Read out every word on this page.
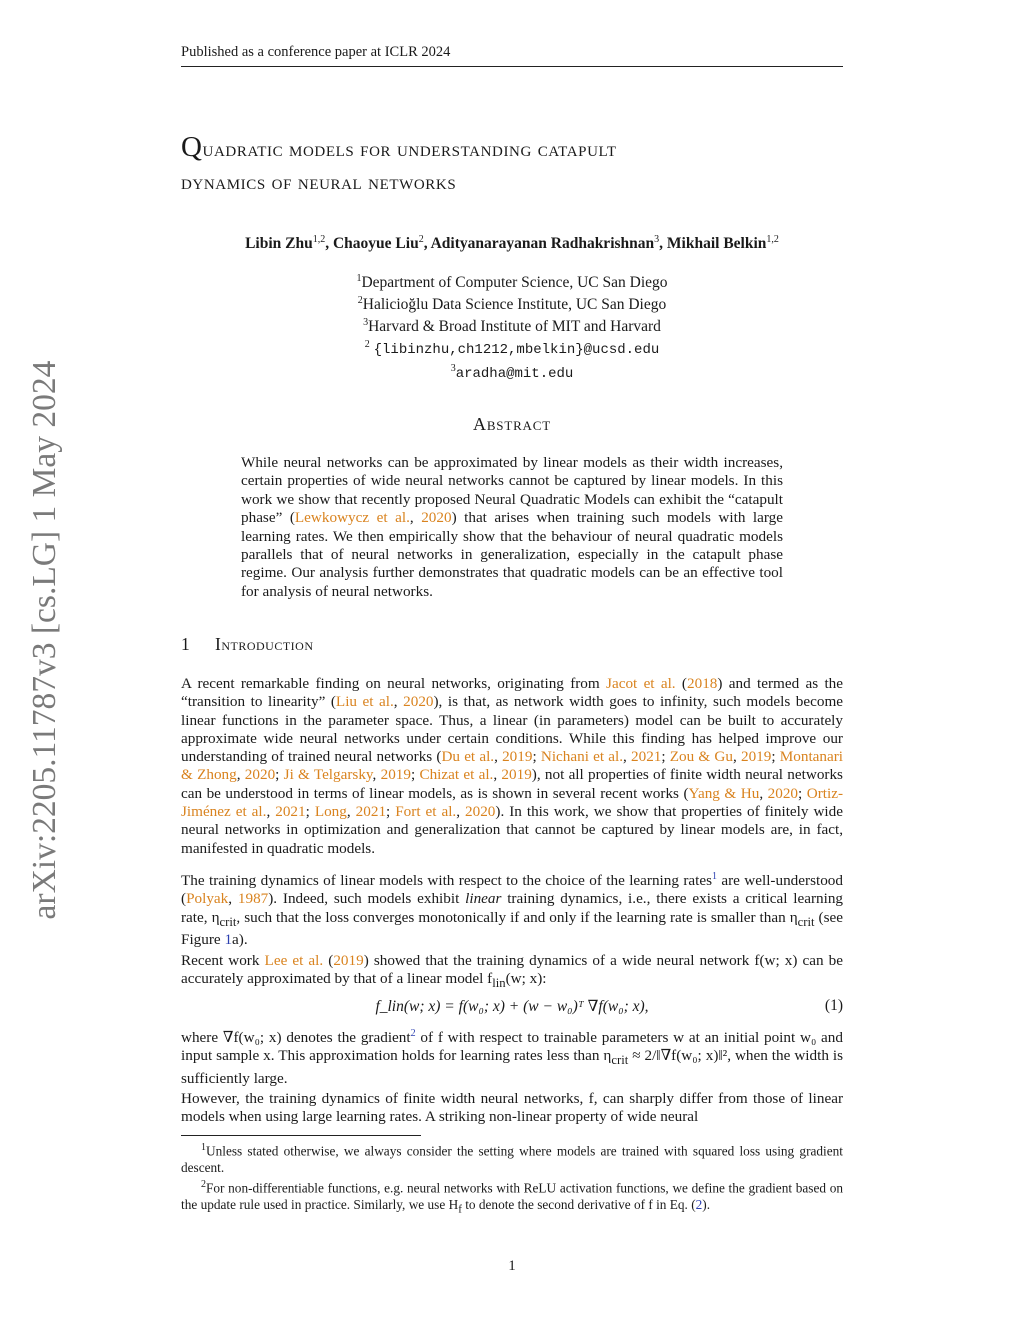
Published as a conference paper at ICLR 2024
arXiv:2205.11787v3 [cs.LG] 1 May 2024
Quadratic models for understanding catapult
dynamics of neural networks
Libin Zhu$^{1,2}$, Chaoyue Liu$^2$, Adityanarayanan Radhakrishnan$^3$, Mikhail Belkin$^{1,2}$
$^1$Department of Computer Science, UC San Diego
$^2$Halicioğlu Data Science Institute, UC San Diego
$^3$Harvard & Broad Institute of MIT and Harvard
$^2$ {libinzhu,ch1212,mbelkin}@ucsd.edu
$^3$aradha@mit.edu
Abstract

While neural networks can be approximated by linear models as their width increases, certain properties of wide neural networks cannot be captured by linear models. In this work we show that recently proposed Neural Quadratic Models can exhibit the “catapult phase” (Lewkowycz et al., 2020) that arises when training such models with large learning rates. We then empirically show that the behaviour of neural quadratic models parallels that of neural networks in generalization, especially in the catapult phase regime. Our analysis further demonstrates that quadratic models can be an effective tool for analysis of neural networks.

1 Introduction

A recent remarkable finding on neural networks, originating from Jacot et al. (2018) and termed as the “transition to linearity” (Liu et al., 2020), is that, as network width goes to infinity, such models become linear functions in the parameter space. Thus, a linear (in parameters) model can be built to accurately approximate wide neural networks under certain conditions. While this finding has helped improve our understanding of trained neural networks (Du et al., 2019; Nichani et al., 2021; Zou & Gu, 2019; Montanari & Zhong, 2020; Ji & Telgarsky, 2019; Chizat et al., 2019), not all properties of finite width neural networks can be understood in terms of linear models, as is shown in several recent works (Yang & Hu, 2020; Ortiz-Jiménez et al., 2021; Long, 2021; Fort et al., 2020). In this work, we show that properties of finitely wide neural networks in optimization and generalization that cannot be captured by linear models are, in fact, manifested in quadratic models.

The training dynamics of linear models with respect to the choice of the learning rates$^1$ are well-understood (Polyak, 1987). Indeed, such models exhibit linear training dynamics, i.e., there exists a critical learning rate, $\eta_{crit}$, such that the loss converges monotonically if and only if the learning rate is smaller than $\eta_{crit}$ (see Figure 1a).

Recent work Lee et al. (2019) showed that the training dynamics of a wide neural network f(w; x) can be accurately approximated by that of a linear model $f_{lin}(w$; x):

f_lin(w; x) = f(w₀; x) + (w − w₀)ᵀ ∇f(w₀; x),	(1)

where ∇f(w₀; x) denotes the gradient$^2$ of f with respect to trainable parameters w at an initial point w₀ and input sample x. This approximation holds for learning rates less than $\eta_{crit}$ ≈ 2/‖∇f(w₀; x)‖², when the width is sufficiently large.

However, the training dynamics of finite width neural networks, f, can sharply differ from those of linear models when using large learning rates. A striking non-linear property of wide neural

$^1$Unless stated otherwise, we always consider the setting where models are trained with squared loss using gradient descent.

$^2$For non-differentiable functions, e.g. neural networks with ReLU activation functions, we define the gradient based on the update rule used in practice. Similarly, we use $H_f$ to denote the second derivative of f in Eq. (2).

1
